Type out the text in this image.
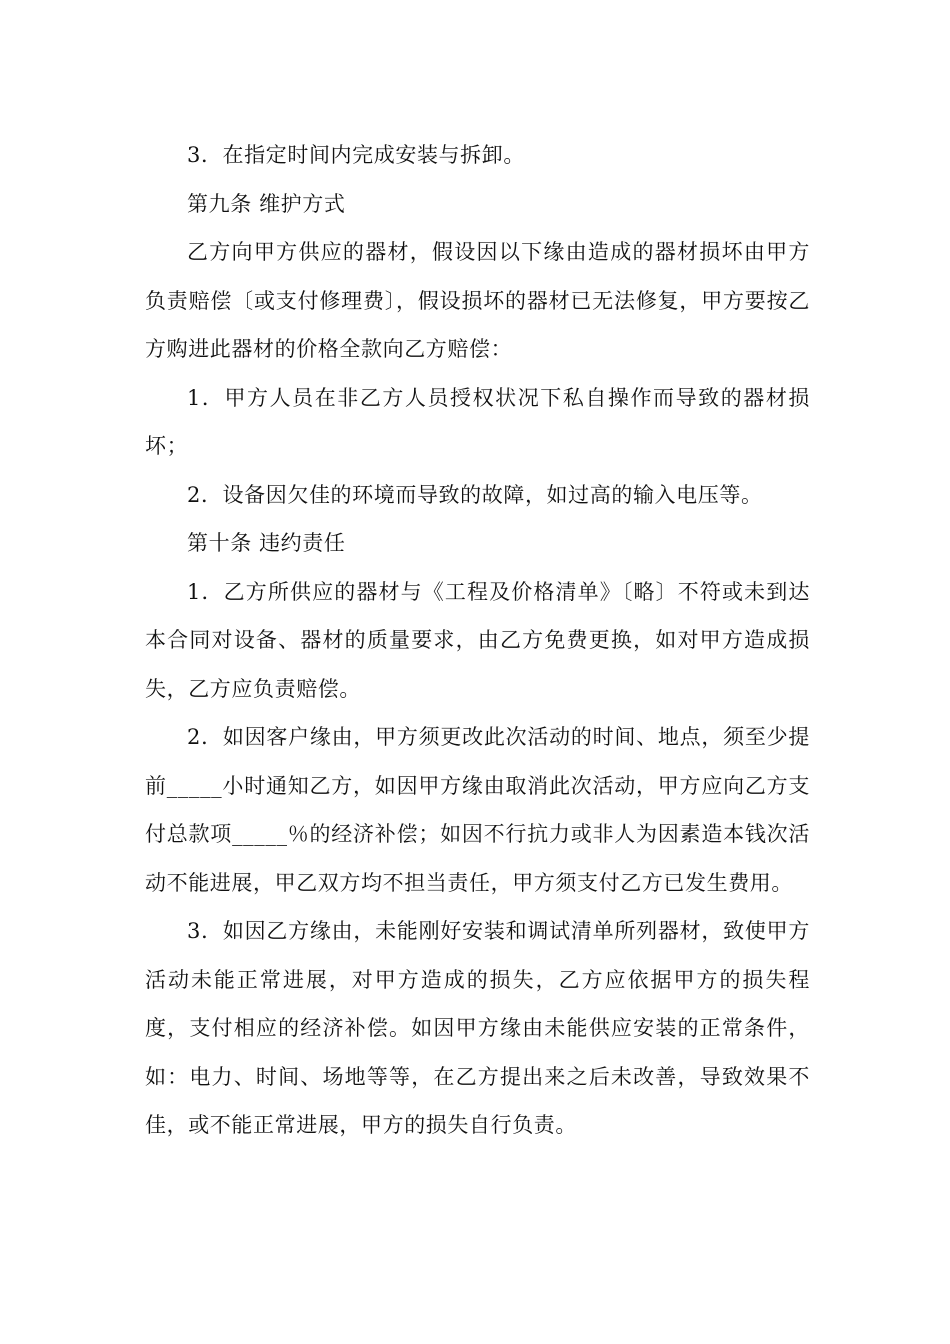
3．在指定时间内完成安装与拆卸。

第九条 维护方式

乙方向甲方供应的器材，假设因以下缘由造成的器材损坏由甲方负责赔偿〔或支付修理费〕，假设损坏的器材已无法修复，甲方要按乙方购进此器材的价格全款向乙方赔偿：

1．甲方人员在非乙方人员授权状况下私自操作而导致的器材损坏；

2．设备因欠佳的环境而导致的故障，如过高的输入电压等。

第十条 违约责任

1．乙方所供应的器材与《工程及价格清单》〔略〕不符或未到达本合同对设备、器材的质量要求，由乙方免费更换，如对甲方造成损失，乙方应负责赔偿。

2．如因客户缘由，甲方须更改此次活动的时间、地点，须至少提前_____小时通知乙方，如因甲方缘由取消此次活动，甲方应向乙方支付总款项_____％的经济补偿；如因不行抗力或非人为因素造本钱次活动不能进展，甲乙双方均不担当责任，甲方须支付乙方已发生费用。

3．如因乙方缘由，未能刚好安装和调试清单所列器材，致使甲方活动未能正常进展，对甲方造成的损失，乙方应依据甲方的损失程度，支付相应的经济补偿。如因甲方缘由未能供应安装的正常条件，如：电力、时间、场地等等，在乙方提出来之后未改善，导致效果不佳，或不能正常进展，甲方的损失自行负责。
